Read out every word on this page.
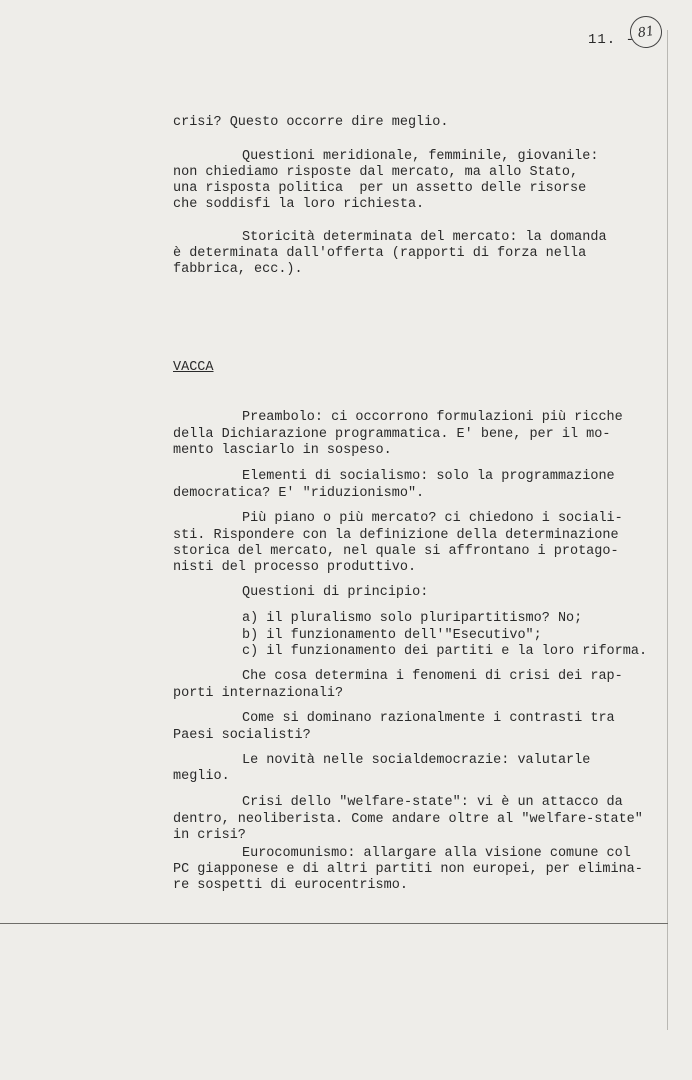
11. - 81
crisi? Questo occorre dire meglio.
Questioni meridionale, femminile, giovanile:
non chiediamo risposte dal mercato, ma allo Stato,
una risposta politica  per un assetto delle risorse
che soddisfi la loro richiesta.
Storicità determinata del mercato: la domanda
è determinata dall'offerta (rapporti di forza nella
fabbrica, ecc.).
VACCA
Preambolo: ci occorrono formulazioni più ricche
della Dichiarazione programmatica. E' bene, per il mo-
mento lasciarlo in sospeso.
Elementi di socialismo: solo la programmazione
democratica? E' "riduzionismo".
Più piano o più mercato? ci chiedono i sociali-
sti. Rispondere con la definizione della determinazione
storica del mercato, nel quale si affrontano i protago-
nisti del processo produttivo.
Questioni di principio:
a) il pluralismo solo pluripartitismo? No;
b) il funzionamento dell'"Esecutivo";
c) il funzionamento dei partiti e la loro riforma.
Che cosa determina i fenomeni di crisi dei rap-
porti internazionali?
Come si dominano razionalmente i contrasti tra
Paesi socialisti?
Le novità nelle socialdemocrazie: valutarle
meglio.
Crisi dello "welfare-state": vi è un attacco da
dentro, neoliberista. Come andare oltre al "welfare-state"
in crisi?
Eurocomunismo: allargare alla visione comune col
PC giapponese e di altri partiti non europei, per elimina-
re sospetti di eurocentrismo.
